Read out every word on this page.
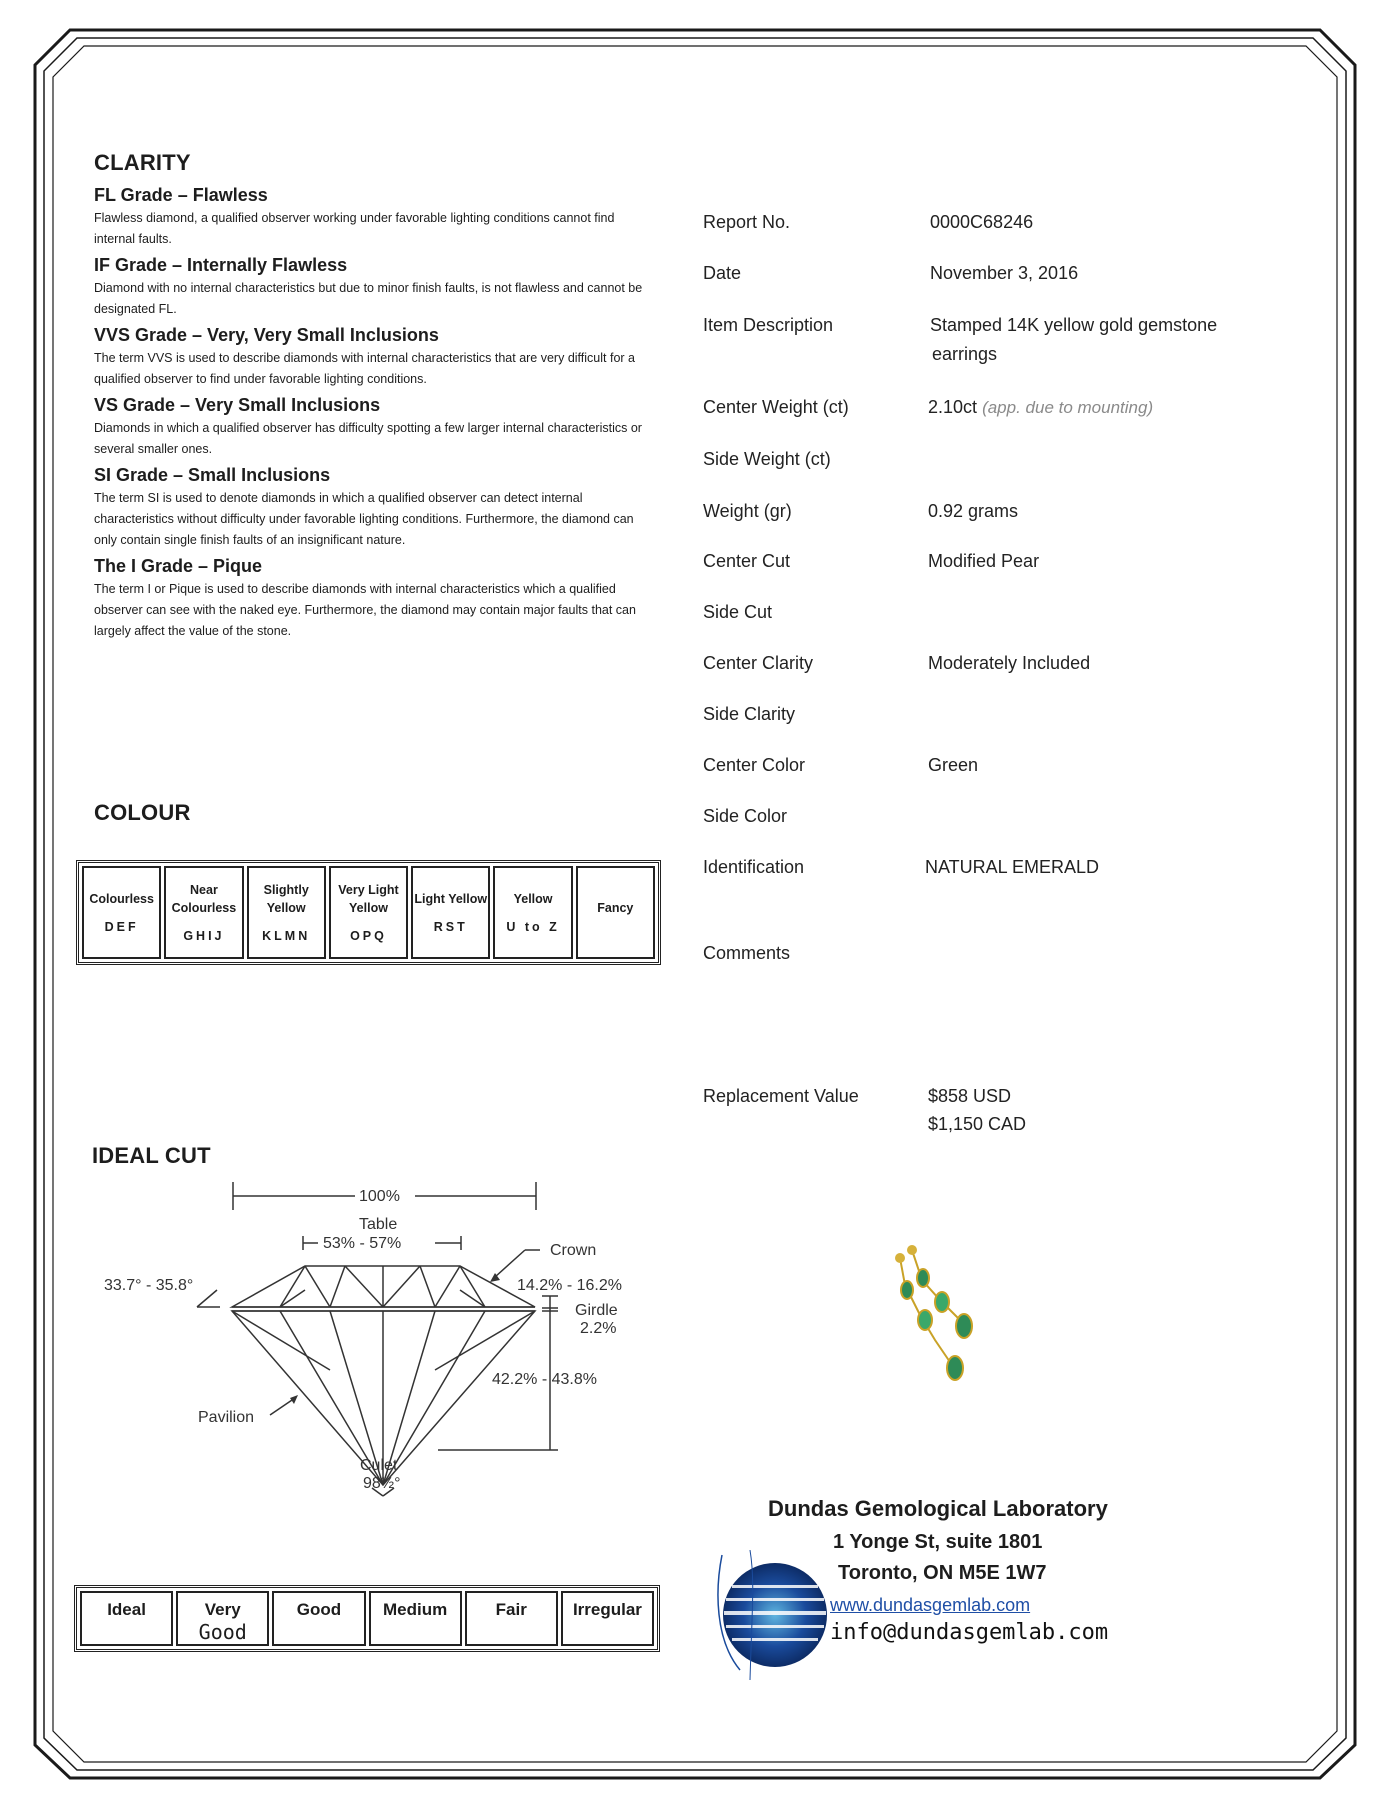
CLARITY

FL Grade – Flawless

Flawless diamond, a qualified observer working under favorable lighting conditions cannot find internal faults.

IF Grade – Internally Flawless

Diamond with no internal characteristics but due to minor finish faults, is not flawless and cannot be designated FL.

VVS Grade – Very, Very Small Inclusions

The term VVS is used to describe diamonds with internal characteristics that are very difficult for a qualified observer to find under favorable lighting conditions.

VS Grade – Very Small Inclusions

Diamonds in which a qualified observer has difficulty spotting a few larger internal characteristics or several smaller ones.

SI Grade – Small Inclusions

The term SI is used to denote diamonds in which a qualified observer can detect internal characteristics without difficulty under favorable lighting conditions. Furthermore, the diamond can only contain single finish faults of an insignificant nature.

The I Grade – Pique

The term I or Pique is used to describe diamonds with internal characteristics which a qualified observer can see with the naked eye. Furthermore, the diamond may contain major faults that can largely affect the value of the stone.

COLOUR
Colourless
DEF
Near Colourless
GHIJ
Slightly Yellow
KLMN
Very Light Yellow
OPQ
Light Yellow
RST
Yellow
U to Z
Fancy
IDEAL CUT
100%
Table
53% - 57%	Crown
33.7° - 35.8°	14.2% - 16.2%
Girdle
2.2%
42.2% - 43.8%
Pavilion
Culet
98½°
Ideal	Very
Good
Good Medium	Fair	Irregular
Report No.	0000C68246
Date	November 3, 2016
Item Description	Stamped 14K yellow gold gemstone
earrings
Center Weight (ct)	2.10ct (app. due to mounting)
Side Weight (ct)
Weight (gr)	0.92 grams
Center Cut	Modified Pear
Side Cut
Center Clarity	Moderately Included
Side Clarity
Center Color	Green
Side Color
Identification	NATURAL EMERALD
Comments
Replacement Value	$858 USD
$1,150 CAD
Dundas Gemological Laboratory
1 Yonge St, suite 1801
Toronto, ON M5E 1W7
www.dundasgemlab.com
info@dundasgemlab.com
